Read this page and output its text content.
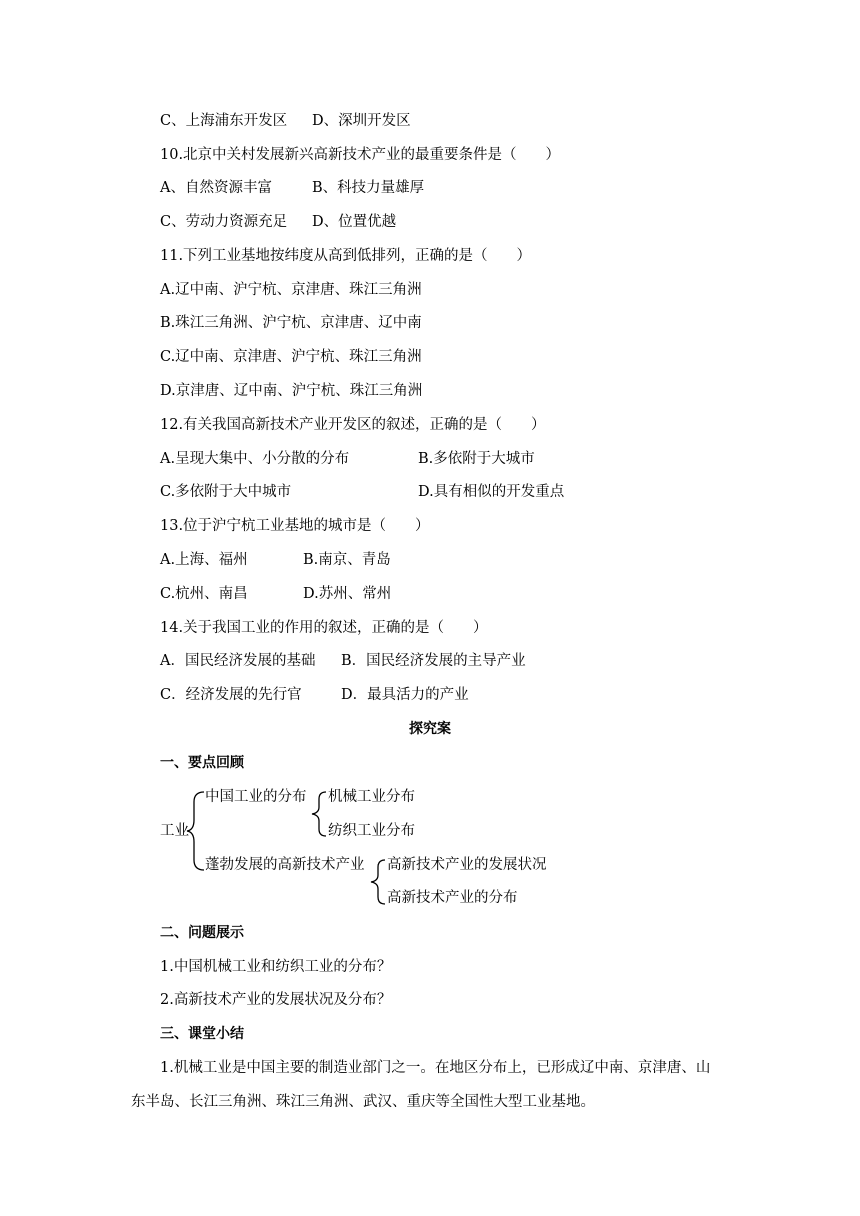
C、上海浦东开发区 D、深圳开发区
10.北京中关村发展新兴高新技术产业的最重要条件是（　　）
A、自然资源丰富	B、科技力量雄厚
C、劳动力资源充足 D、位置优越
11.下列工业基地按纬度从高到低排列，正确的是（　　）
A.辽中南、沪宁杭、京津唐、珠江三角洲
B.珠江三角洲、沪宁杭、京津唐、辽中南
C.辽中南、京津唐、沪宁杭、珠江三角洲
D.京津唐、辽中南、沪宁杭、珠江三角洲
12.有关我国高新技术产业开发区的叙述，正确的是（　　）
A.呈现大集中、小分散的分布	B.多依附于大城市
C.多依附于大中城市	D.具有相似的开发重点
13.位于沪宁杭工业基地的城市是（　　）
A.上海、福州	B.南京、青岛
C.杭州、南昌	D.苏州、常州
14.关于我国工业的作用的叙述，正确的是（　　）
A．国民经济发展的基础 B．国民经济发展的主导产业
C．经济发展的先行官	D．最具活力的产业
探究案
一、要点回顾
工业
中国工业的分布 机械工业分布
纺织工业分布
蓬勃发展的高新技术产业 高新技术产业的发展状况
高新技术产业的分布
二、问题展示
1.中国机械工业和纺织工业的分布？
2.高新技术产业的发展状况及分布？
三、课堂小结
1.机械工业是中国主要的制造业部门之一。在地区分布上，已形成辽中南、京津唐、山
东半岛、长江三角洲、珠江三角洲、武汉、重庆等全国性大型工业基地。
